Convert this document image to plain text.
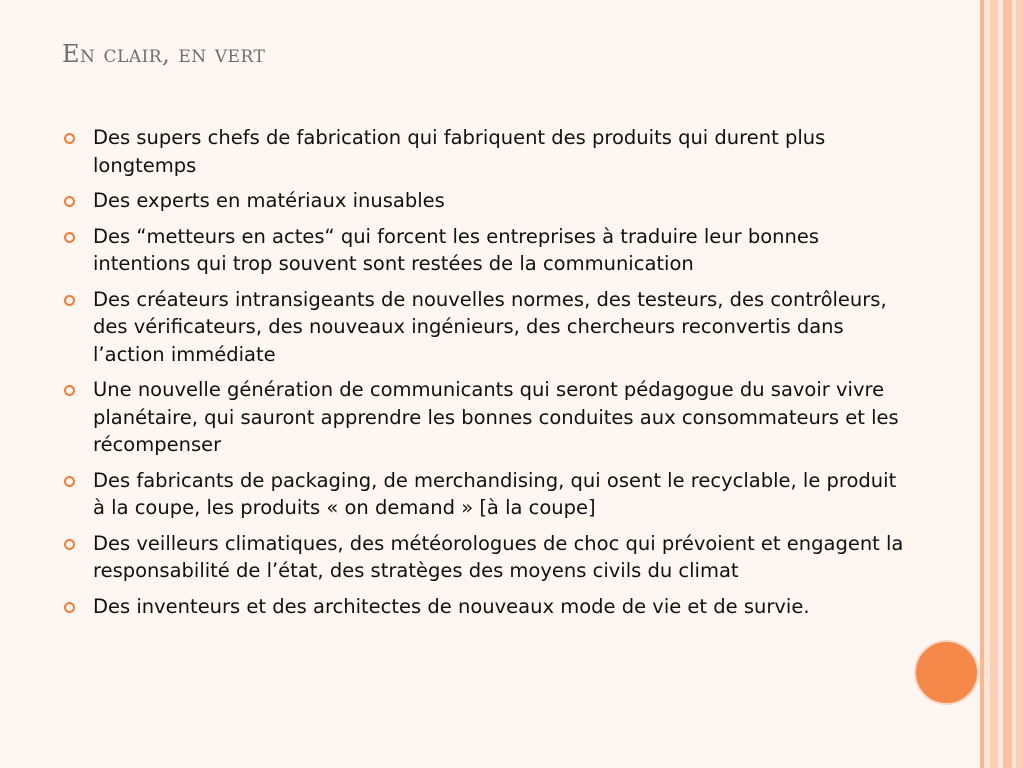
En clair, en vert
Des supers chefs de fabrication qui fabriquent des produits qui durent plus longtemps
Des experts en matériaux inusables
Des “metteurs en actes“ qui forcent les entreprises à traduire leur bonnes intentions qui trop souvent sont restées de la communication
Des créateurs intransigeants de nouvelles normes, des testeurs, des contrôleurs, des vérificateurs, des nouveaux ingénieurs, des chercheurs reconvertis dans l’action immédiate
Une nouvelle génération de communicants qui seront pédagogue du savoir vivre planétaire, qui sauront apprendre les bonnes conduites aux consommateurs et les récompenser
Des fabricants de packaging, de merchandising, qui osent le recyclable, le produit à la coupe, les produits « on demand » [à la coupe]
Des veilleurs climatiques, des météorologues de choc qui prévoient et engagent la responsabilité de l’état, des stratèges des moyens civils du climat
Des inventeurs et des architectes de nouveaux mode de vie et de survie.
